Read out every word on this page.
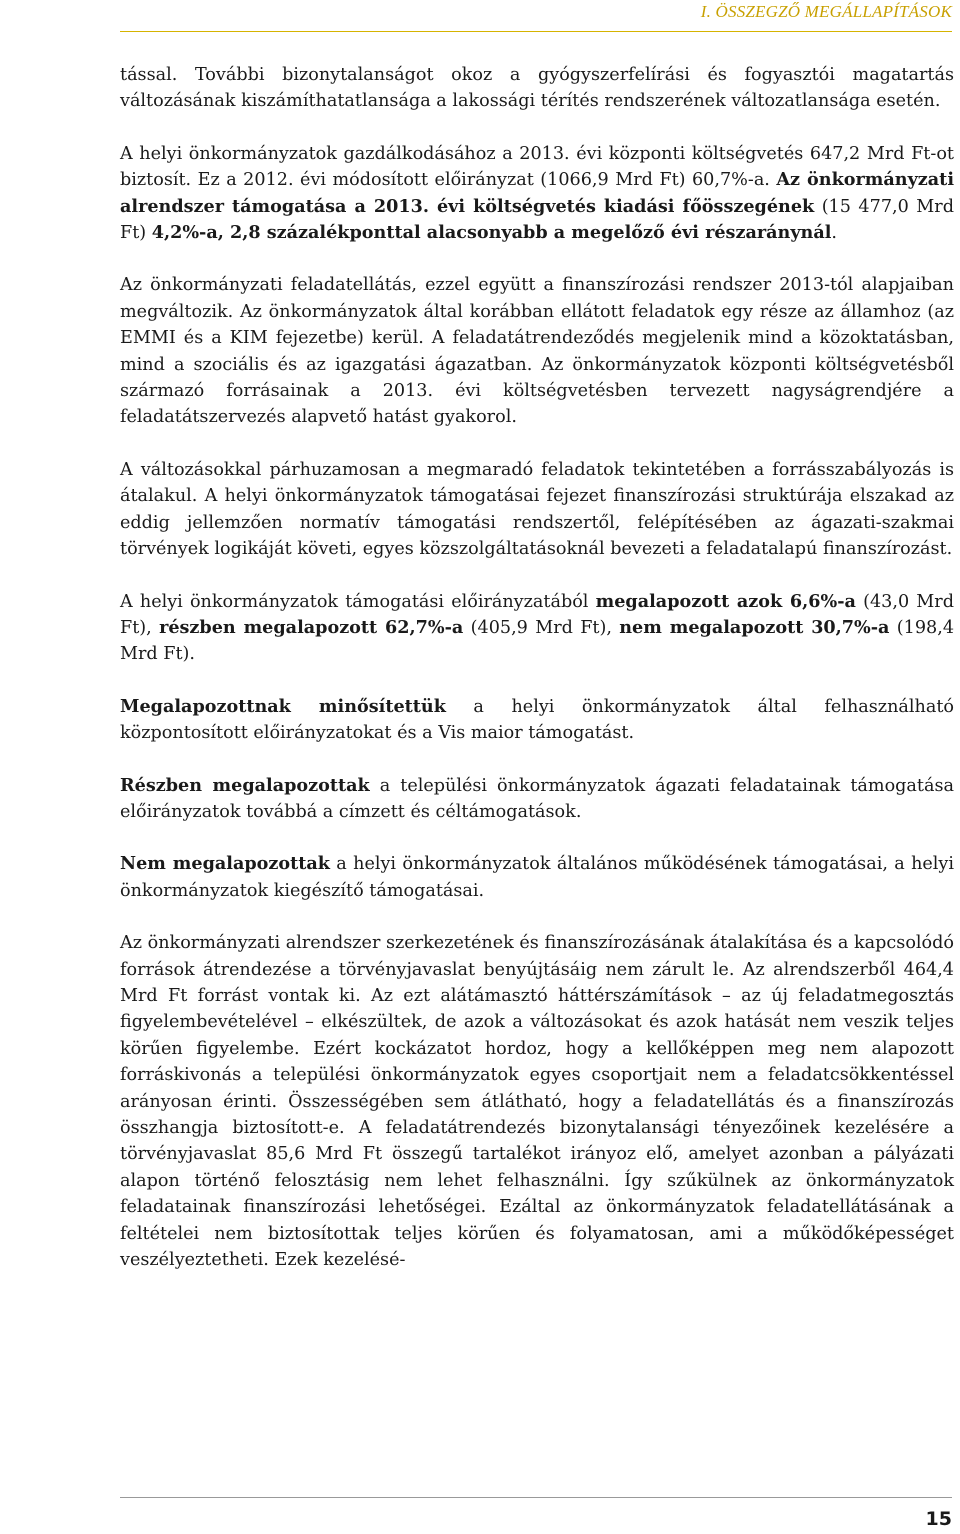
I. ÖSSZEGZŐ MEGÁLLAPÍTÁSOK

tással. További bizonytalanságot okoz a gyógyszerfelírási és fogyasztói magatartás változásának kiszámíthatatlansága a lakossági térítés rendszerének változatlansága esetén.

A helyi önkormányzatok gazdálkodásához a 2013. évi központi költségvetés 647,2 Mrd Ft-ot biztosít. Ez a 2012. évi módosított előirányzat (1066,9 Mrd Ft) 60,7%-a. Az önkormányzati alrendszer támogatása a 2013. évi költségvetés kiadási főösszegének (15 477,0 Mrd Ft) 4,2%-a, 2,8 százalékponttal alacsonyabb a megelőző évi részaránynál.

Az önkormányzati feladatellátás, ezzel együtt a finanszírozási rendszer 2013-tól alapjaiban megváltozik. Az önkormányzatok által korábban ellátott feladatok egy része az államhoz (az EMMI és a KIM fejezetbe) kerül. A feladatátrendeződés megjelenik mind a közoktatásban, mind a szociális és az igazgatási ágazatban. Az önkormányzatok központi költségvetésből származó forrásainak a 2013. évi költségvetésben tervezett nagyságrendjére a feladatátszervezés alapvető hatást gyakorol.

A változásokkal párhuzamosan a megmaradó feladatok tekintetében a forrásszabályozás is átalakul. A helyi önkormányzatok támogatásai fejezet finanszírozási struktúrája elszakad az eddig jellemzően normatív támogatási rendszertől, felépítésében az ágazati-szakmai törvények logikáját követi, egyes közszolgáltatásoknál bevezeti a feladatalapú finanszírozást.

A helyi önkormányzatok támogatási előirányzatából megalapozott azok 6,6%-a (43,0 Mrd Ft), részben megalapozott 62,7%-a (405,9 Mrd Ft), nem megalapozott 30,7%-a (198,4 Mrd Ft).

Megalapozottnak minősítettük a helyi önkormányzatok által felhasználható központosított előirányzatokat és a Vis maior támogatást.

Részben megalapozottak a települési önkormányzatok ágazati feladatainak támogatása előirányzatok továbbá a címzett és céltámogatások.

Nem megalapozottak a helyi önkormányzatok általános működésének támogatásai, a helyi önkormányzatok kiegészítő támogatásai.

Az önkormányzati alrendszer szerkezetének és finanszírozásának átalakítása és a kapcsolódó források átrendezése a törvényjavaslat benyújtásáig nem zárult le. Az alrendszerből 464,4 Mrd Ft forrást vontak ki. Az ezt alátámasztó háttérszámítások – az új feladatmegosztás figyelembevételével – elkészültek, de azok a változásokat és azok hatását nem veszik teljes körűen figyelembe. Ezért kockázatot hordoz, hogy a kellőképpen meg nem alapozott forráskivonás a települési önkormányzatok egyes csoportjait nem a feladatcsökkentéssel arányosan érinti. Összességében sem átlátható, hogy a feladatellátás és a finanszírozás összhangja biztosított-e. A feladatátrendezés bizonytalansági tényezőinek kezelésére a törvényjavaslat 85,6 Mrd Ft összegű tartalékot irányoz elő, amelyet azonban a pályázati alapon történő felosztásig nem lehet felhasználni. Így szűkülnek az önkormányzatok feladatainak finanszírozási lehetőségei. Ezáltal az önkormányzatok feladatellátásának a feltételei nem biztosítottak teljes körűen és folyamatosan, ami a működőképességet veszélyeztetheti. Ezek kezelésé-

15
